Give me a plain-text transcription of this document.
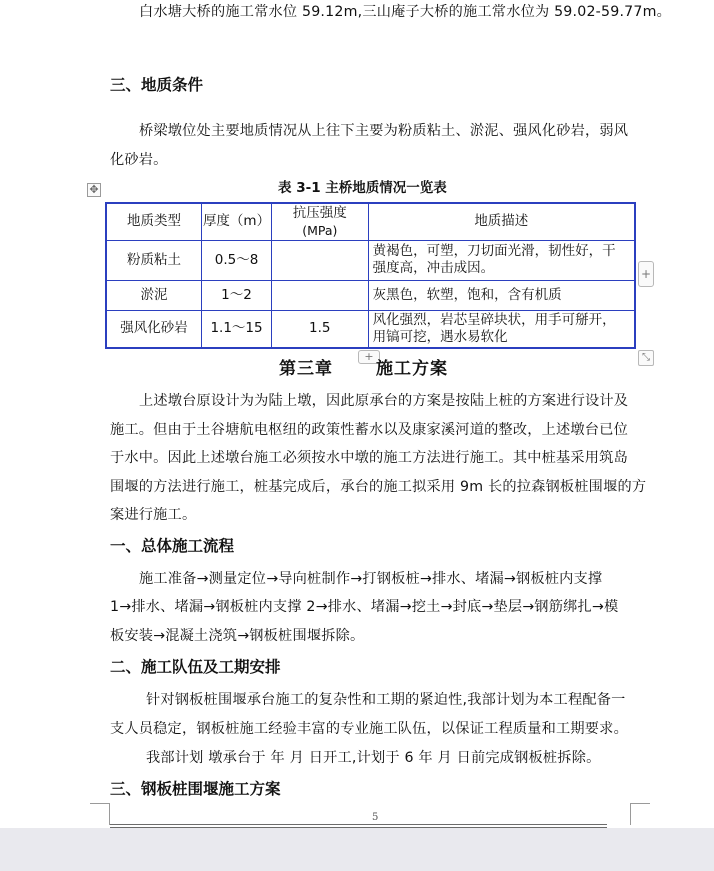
白水塘大桥的施工常水位 59.12m,三山庵子大桥的施工常水位为 59.02-59.77m。
三、地质条件
桥梁墩位处主要地质情况从上往下主要为粉质粘土、淤泥、强风化砂岩，弱风
化砂岩。
✥	表 3-1 主桥地质情况一览表
地质类型	厚度（m）	抗压强度
(MPa)	地质描述
粉质粘土	0.5～8		黄褐色，可塑，刀切面光滑，韧性好，干
强度高，冲击成因。

淤泥	1～2		灰黑色，软塑，饱和，含有机质

强风化砂岩	1.1～15	1.5	风化强烈，岩芯呈碎块状，用手可掰开，
用镐可挖，遇水易软化
+
+	⤡
第三章	施工方案
上述墩台原设计为为陆上墩，因此原承台的方案是按陆上桩的方案进行设计及
施工。但由于土谷塘航电枢纽的政策性蓄水以及康家溪河道的整改，上述墩台已位
于水中。因此上述墩台施工必须按水中墩的施工方法进行施工。其中桩基采用筑岛
围堰的方法进行施工，桩基完成后，承台的施工拟采用 9m 长的拉森钢板桩围堰的方
案进行施工。
一、总体施工流程
施工准备→测量定位→导向桩制作→打钢板桩→排水、堵漏→钢板桩内支撑
1→排水、堵漏→钢板桩内支撑 2→排水、堵漏→挖土→封底→垫层→钢筋绑扎→模
板安装→混凝土浇筑→钢板桩围堰拆除。
二、施工队伍及工期安排
针对钢板桩围堰承台施工的复杂性和工期的紧迫性,我部计划为本工程配备一
支人员稳定，钢板桩施工经验丰富的专业施工队伍，以保证工程质量和工期要求。
我部计划 墩承台于 年 月 日开工,计划于 6 年 月 日前完成钢板桩拆除。
三、钢板桩围堰施工方案
5
